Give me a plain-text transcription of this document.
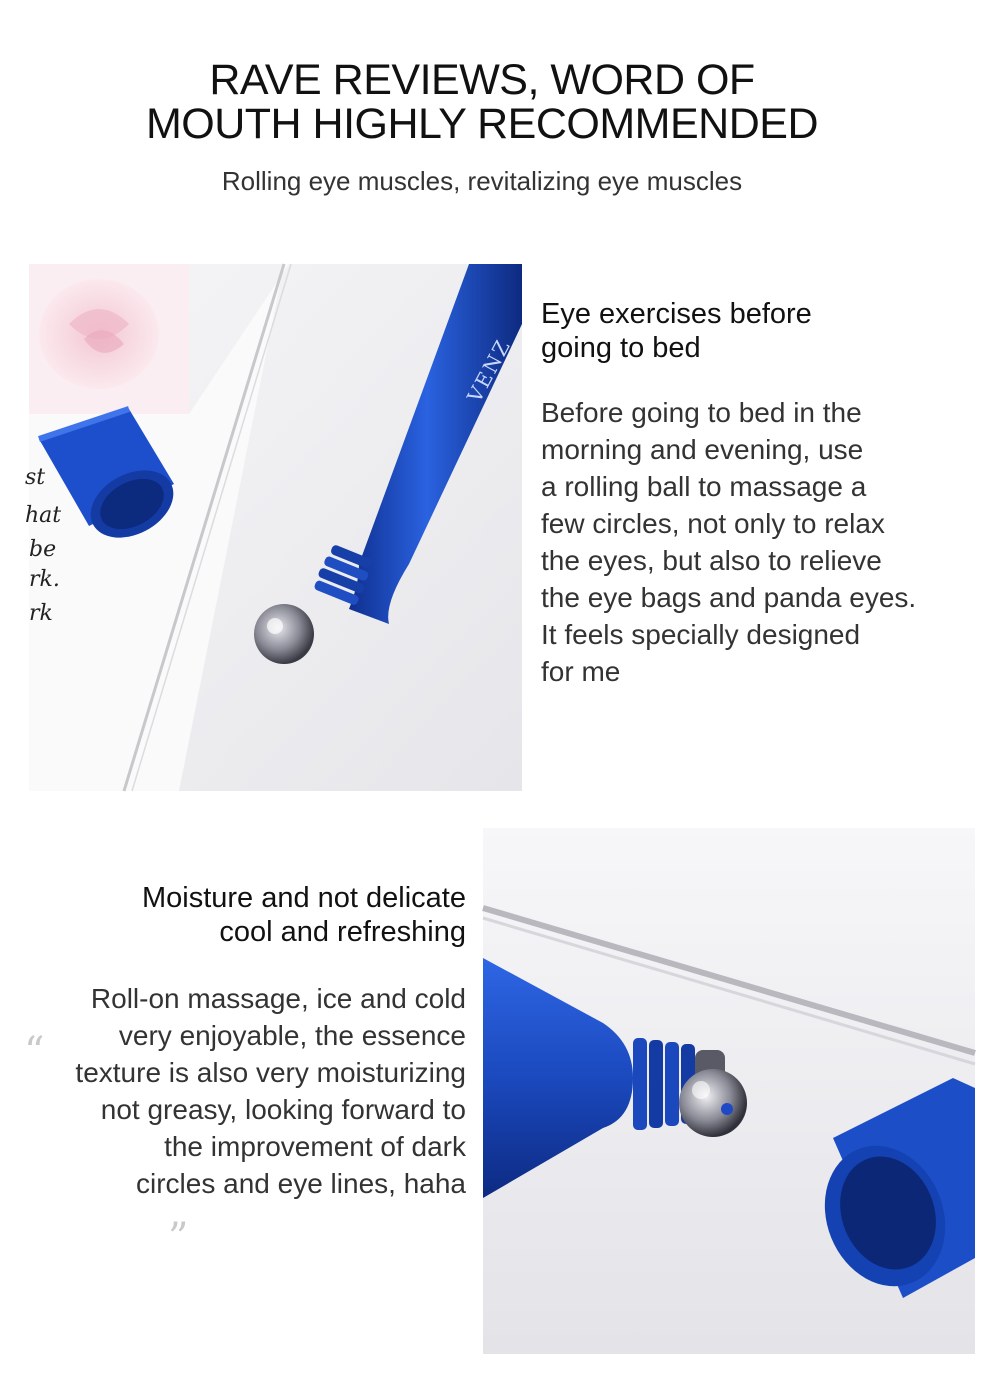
RAVE REVIEWS, WORD OF
MOUTH HIGHLY RECOMMENDED
Rolling eye muscles, revitalizing eye muscles
st
hat
be
rk.
rk
VENZ
Eye exercises before
going to bed
Before going to bed in the
morning and evening, use
a rolling ball to massage a
few circles, not only to relax
the eyes, but also to relieve
the eye bags and panda eyes.
It feels specially designed
for me
“
Moisture and not delicate
cool and refreshing
Roll-on massage, ice and cold
very enjoyable, the essence
texture is also very moisturizing
not greasy, looking forward to
the improvement of dark
circles and eye lines, haha
”
